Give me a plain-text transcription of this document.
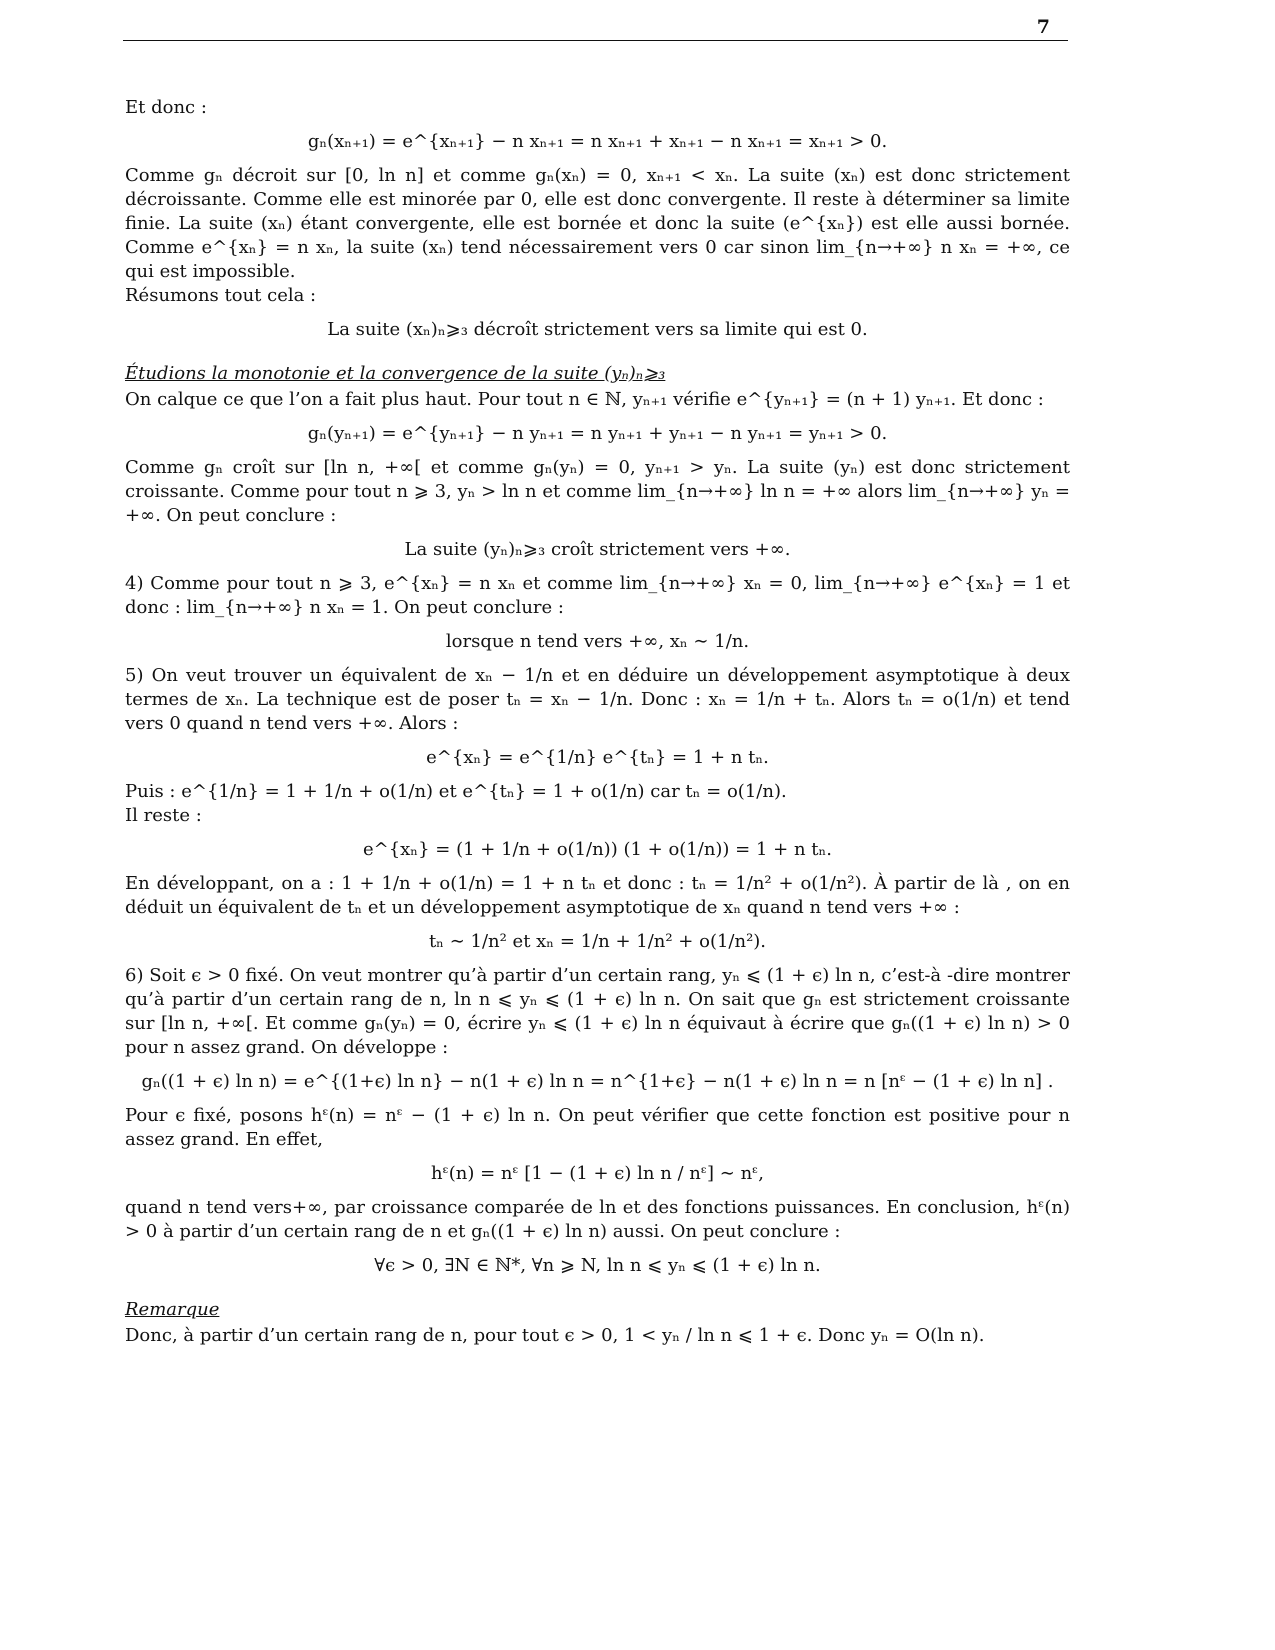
7

Et donc :

gₙ(xₙ₊₁) = e^{xₙ₊₁} − n xₙ₊₁ = n xₙ₊₁ + xₙ₊₁ − n xₙ₊₁ = xₙ₊₁ > 0.

Comme gₙ décroit sur [0, ln n] et comme gₙ(xₙ) = 0, xₙ₊₁ < xₙ. La suite (xₙ) est donc strictement décroissante. Comme elle est minorée par 0, elle est donc convergente. Il reste à déterminer sa limite finie. La suite (xₙ) étant convergente, elle est bornée et donc la suite (e^{xₙ}) est elle aussi bornée. Comme e^{xₙ} = n xₙ, la suite (xₙ) tend nécessairement vers 0 car sinon lim_{n→+∞} n xₙ = +∞, ce qui est impossible.

Résumons tout cela :

La suite (xₙ)ₙ⩾₃ décroît strictement vers sa limite qui est 0.

Étudions la monotonie et la convergence de la suite (yₙ)ₙ⩾₃

On calque ce que l’on a fait plus haut. Pour tout n ∈ ℕ, yₙ₊₁ vérifie e^{yₙ₊₁} = (n + 1) yₙ₊₁. Et donc :

gₙ(yₙ₊₁) = e^{yₙ₊₁} − n yₙ₊₁ = n yₙ₊₁ + yₙ₊₁ − n yₙ₊₁ = yₙ₊₁ > 0.

Comme gₙ croît sur [ln n, +∞[ et comme gₙ(yₙ) = 0, yₙ₊₁ > yₙ. La suite (yₙ) est donc strictement croissante. Comme pour tout n ⩾ 3, yₙ > ln n et comme lim_{n→+∞} ln n = +∞ alors lim_{n→+∞} yₙ = +∞. On peut conclure :

La suite (yₙ)ₙ⩾₃ croît strictement vers +∞.

4) Comme pour tout n ⩾ 3, e^{xₙ} = n xₙ et comme lim_{n→+∞} xₙ = 0, lim_{n→+∞} e^{xₙ} = 1 et donc : lim_{n→+∞} n xₙ = 1. On peut conclure :

lorsque n tend vers +∞, xₙ ∼ 1/n.

5) On veut trouver un équivalent de xₙ − 1/n et en déduire un développement asymptotique à deux termes de xₙ. La technique est de poser tₙ = xₙ − 1/n. Donc : xₙ = 1/n + tₙ. Alors tₙ = o(1/n) et tend vers 0 quand n tend vers +∞. Alors :

e^{xₙ} = e^{1/n} e^{tₙ} = 1 + n tₙ.

Puis : e^{1/n} = 1 + 1/n + o(1/n) et e^{tₙ} = 1 + o(1/n) car tₙ = o(1/n).

Il reste :

e^{xₙ} = (1 + 1/n + o(1/n)) (1 + o(1/n)) = 1 + n tₙ.

En développant, on a : 1 + 1/n + o(1/n) = 1 + n tₙ et donc : tₙ = 1/n² + o(1/n²). À partir de là , on en déduit un équivalent de tₙ et un développement asymptotique de xₙ quand n tend vers +∞ :

tₙ ∼ 1/n² et xₙ = 1/n + 1/n² + o(1/n²).

6) Soit ϵ > 0 fixé. On veut montrer qu’à partir d’un certain rang, yₙ ⩽ (1 + ϵ) ln n, c’est-à -dire montrer qu’à partir d’un certain rang de n, ln n ⩽ yₙ ⩽ (1 + ϵ) ln n. On sait que gₙ est strictement croissante sur [ln n, +∞[. Et comme gₙ(yₙ) = 0, écrire yₙ ⩽ (1 + ϵ) ln n équivaut à écrire que gₙ((1 + ϵ) ln n) > 0 pour n assez grand. On développe :

gₙ((1 + ϵ) ln n) = e^{(1+ϵ) ln n} − n(1 + ϵ) ln n = n^{1+ϵ} − n(1 + ϵ) ln n = n [nᵋ − (1 + ϵ) ln n] .

Pour ϵ fixé, posons hᵋ(n) = nᵋ − (1 + ϵ) ln n. On peut vérifier que cette fonction est positive pour n assez grand. En effet,

hᵋ(n) = nᵋ [1 − (1 + ϵ) ln n / nᵋ] ∼ nᵋ,

quand n tend vers+∞, par croissance comparée de ln et des fonctions puissances. En conclusion, hᵋ(n) > 0 à partir d’un certain rang de n et gₙ((1 + ϵ) ln n) aussi. On peut conclure :

∀ϵ > 0, ∃N ∈ ℕ*, ∀n ⩾ N, ln n ⩽ yₙ ⩽ (1 + ϵ) ln n.

Remarque

Donc, à partir d’un certain rang de n, pour tout ϵ > 0, 1 < yₙ / ln n ⩽ 1 + ϵ. Donc yₙ = O(ln n).
